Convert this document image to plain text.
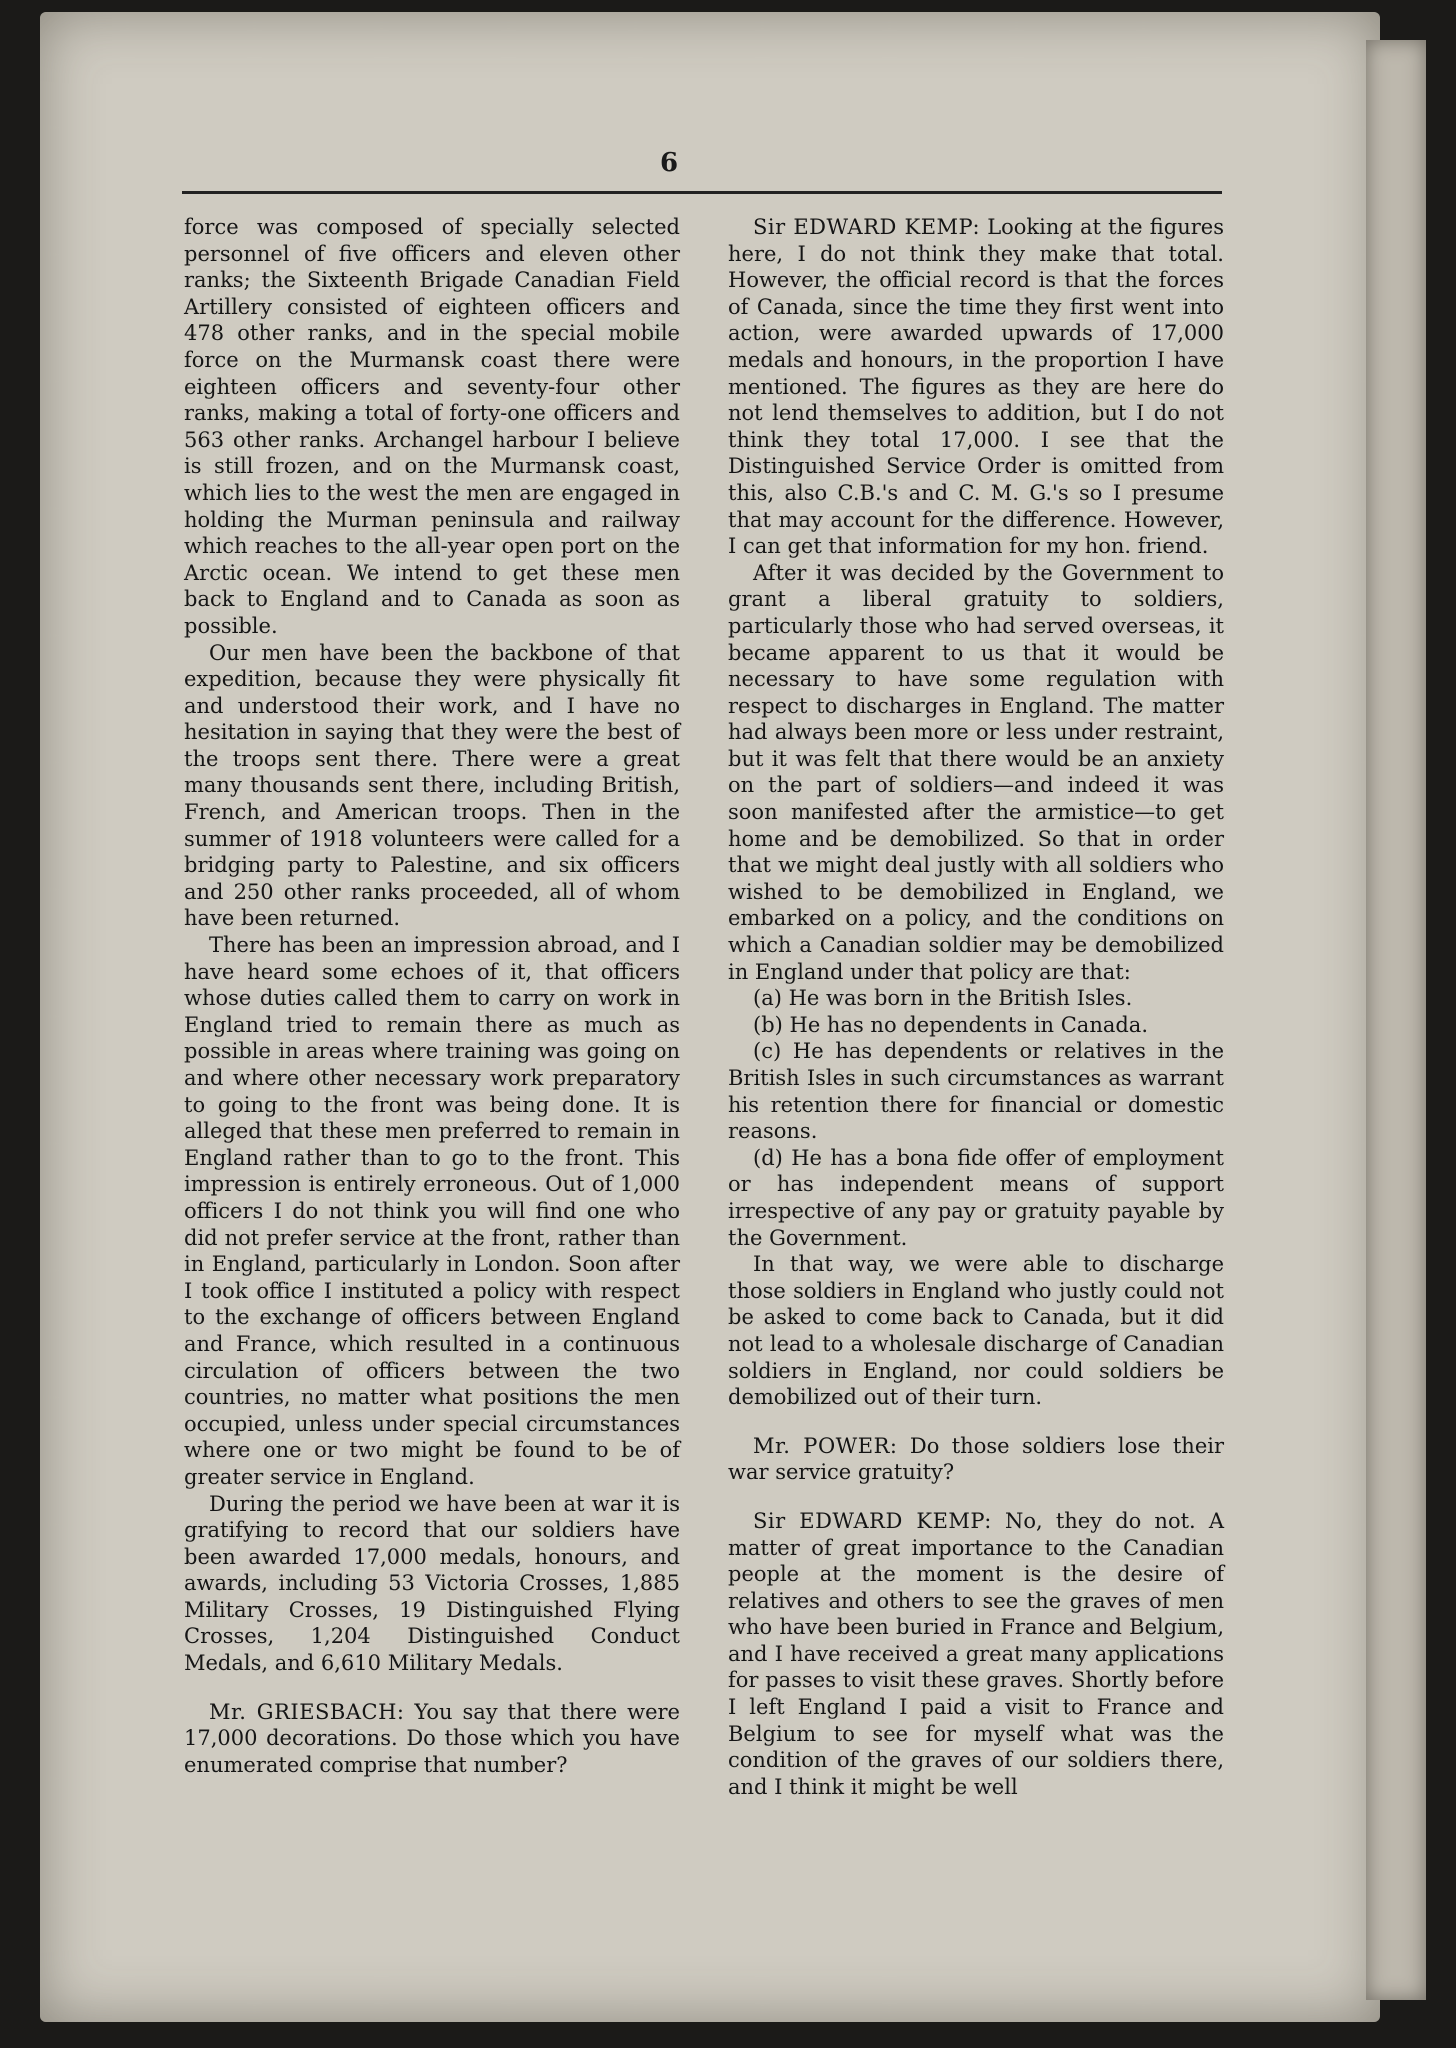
6

force was composed of specially selected personnel of five officers and eleven other ranks; the Sixteenth Brigade Canadian Field Artillery consisted of eighteen officers and 478 other ranks, and in the special mobile force on the Murmansk coast there were eighteen officers and seventy-four other ranks, making a total of forty-one officers and 563 other ranks. Archangel harbour I believe is still frozen, and on the Murmansk coast, which lies to the west the men are engaged in holding the Murman peninsula and railway which reaches to the all-year open port on the Arctic ocean. We intend to get these men back to England and to Canada as soon as possible.

Our men have been the backbone of that expedition, because they were physically fit and understood their work, and I have no hesitation in saying that they were the best of the troops sent there. There were a great many thousands sent there, including British, French, and American troops. Then in the summer of 1918 volunteers were called for a bridging party to Palestine, and six officers and 250 other ranks proceeded, all of whom have been returned.

There has been an impression abroad, and I have heard some echoes of it, that officers whose duties called them to carry on work in England tried to remain there as much as possible in areas where training was going on and where other necessary work preparatory to going to the front was being done. It is alleged that these men preferred to remain in England rather than to go to the front. This impression is entirely erroneous. Out of 1,000 officers I do not think you will find one who did not prefer service at the front, rather than in England, particularly in London. Soon after I took office I instituted a policy with respect to the exchange of officers between England and France, which resulted in a continuous circulation of officers between the two countries, no matter what positions the men occupied, unless under special circumstances where one or two might be found to be of greater service in England.

During the period we have been at war it is gratifying to record that our soldiers have been awarded 17,000 medals, honours, and awards, including 53 Victoria Crosses, 1,885 Military Crosses, 19 Distinguished Flying Crosses, 1,204 Distinguished Conduct Medals, and 6,610 Military Medals.

Mr. GRIESBACH: You say that there were 17,000 decorations. Do those which you have enumerated comprise that number?

Sir EDWARD KEMP: Looking at the figures here, I do not think they make that total. However, the official record is that the forces of Canada, since the time they first went into action, were awarded upwards of 17,000 medals and honours, in the proportion I have mentioned. The figures as they are here do not lend themselves to addition, but I do not think they total 17,000. I see that the Distinguished Service Order is omitted from this, also C.B.'s and C. M. G.'s so I presume that may account for the difference. However, I can get that information for my hon. friend.

After it was decided by the Government to grant a liberal gratuity to soldiers, particularly those who had served overseas, it became apparent to us that it would be necessary to have some regulation with respect to discharges in England. The matter had always been more or less under restraint, but it was felt that there would be an anxiety on the part of soldiers—and indeed it was soon manifested after the armistice—to get home and be demobilized. So that in order that we might deal justly with all soldiers who wished to be demobilized in England, we embarked on a policy, and the conditions on which a Canadian soldier may be demobilized in England under that policy are that:

(a) He was born in the British Isles.

(b) He has no dependents in Canada.

(c) He has dependents or relatives in the British Isles in such circumstances as warrant his retention there for financial or domestic reasons.

(d) He has a bona fide offer of employment or has independent means of support irrespective of any pay or gratuity payable by the Government.

In that way, we were able to discharge those soldiers in England who justly could not be asked to come back to Canada, but it did not lead to a wholesale discharge of Canadian soldiers in England, nor could soldiers be demobilized out of their turn.

Mr. POWER: Do those soldiers lose their war service gratuity?

Sir EDWARD KEMP: No, they do not. A matter of great importance to the Canadian people at the moment is the desire of relatives and others to see the graves of men who have been buried in France and Belgium, and I have received a great many applications for passes to visit these graves. Shortly before I left England I paid a visit to France and Belgium to see for myself what was the condition of the graves of our soldiers there, and I think it might be well
